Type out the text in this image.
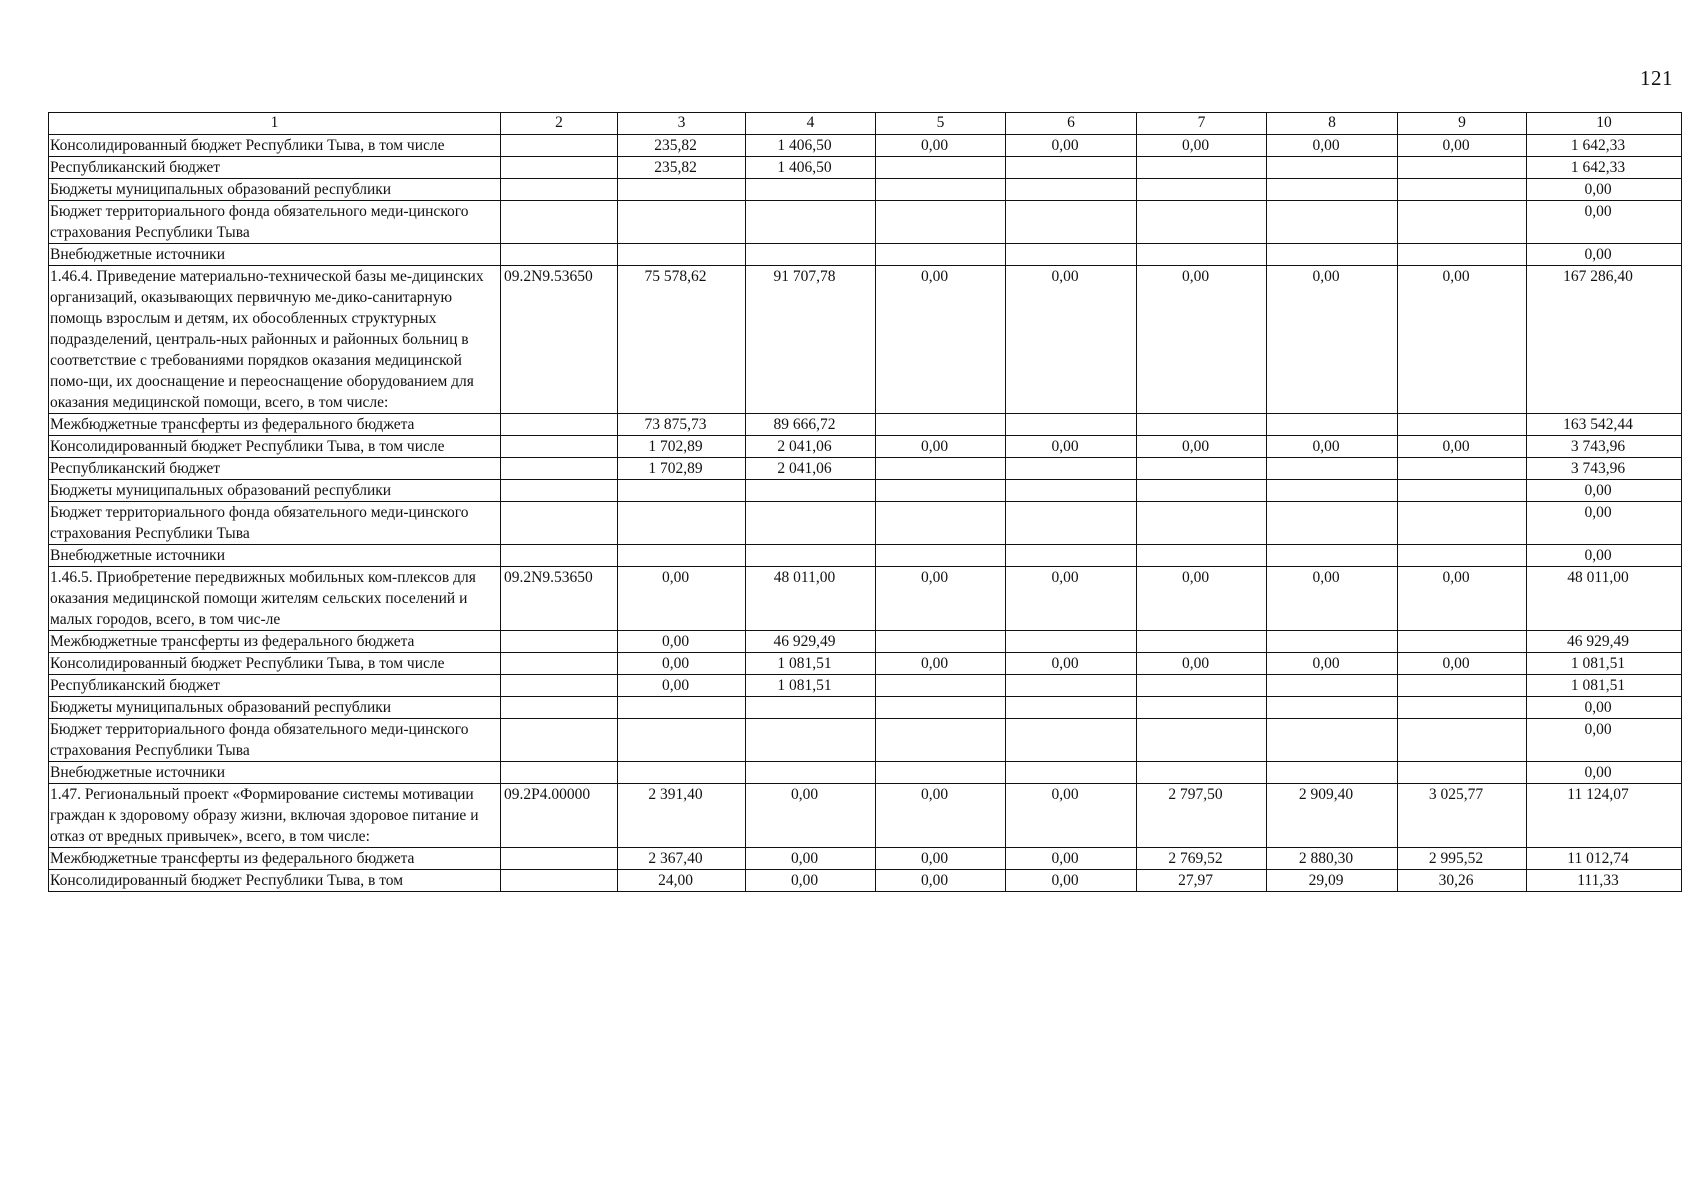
121
1	2	3	4	5	6	7	8	9	10
Консолидированный бюджет Республики Тыва, в том числе		235,82	1 406,50	0,00	0,00	0,00	0,00	0,00	1 642,33

Республиканский бюджет		235,82	1 406,50						1 642,33

Бюджеты муниципальных образований республики									0,00

Бюджет территориального фонда обязательного меди-цинского страхования Республики Тыва									0,00

Внебюджетные источники									0,00

1.46.4. Приведение материально-технической базы ме-дицинских организаций, оказывающих первичную ме-дико-санитарную помощь взрослым и детям, их обособленных структурных подразделений, централь-ных районных и районных больниц в соответствие с требованиями порядков оказания медицинской помо-щи, их дооснащение и переоснащение оборудованием для оказания медицинской помощи, всего, в том числе:	09.2N9.53650	75 578,62	91 707,78	0,00	0,00	0,00	0,00	0,00	167 286,40

Межбюджетные трансферты из федерального бюджета		73 875,73	89 666,72						163 542,44

Консолидированный бюджет Республики Тыва, в том числе		1 702,89	2 041,06	0,00	0,00	0,00	0,00	0,00	3 743,96

Республиканский бюджет		1 702,89	2 041,06						3 743,96

Бюджеты муниципальных образований республики									0,00

Бюджет территориального фонда обязательного меди-цинского страхования Республики Тыва									0,00

Внебюджетные источники									0,00

1.46.5. Приобретение передвижных мобильных ком-плексов для оказания медицинской помощи жителям сельских поселений и малых городов, всего, в том чис-ле	09.2N9.53650	0,00	48 011,00	0,00	0,00	0,00	0,00	0,00	48 011,00

Межбюджетные трансферты из федерального бюджета		0,00	46 929,49						46 929,49

Консолидированный бюджет Республики Тыва, в том числе		0,00	1 081,51	0,00	0,00	0,00	0,00	0,00	1 081,51

Республиканский бюджет		0,00	1 081,51						1 081,51

Бюджеты муниципальных образований республики									0,00

Бюджет территориального фонда обязательного меди-цинского страхования Республики Тыва									0,00

Внебюджетные источники									0,00

1.47. Региональный проект «Формирование системы мотивации граждан к здоровому образу жизни, включая здоровое питание и отказ от вредных привычек», всего, в том числе:	09.2Р4.00000	2 391,40	0,00	0,00	0,00	2 797,50	2 909,40	3 025,77	11 124,07

Межбюджетные трансферты из федерального бюджета		2 367,40	0,00	0,00	0,00	2 769,52	2 880,30	2 995,52	11 012,74

Консолидированный бюджет Республики Тыва, в том		24,00	0,00	0,00	0,00	27,97	29,09	30,26	111,33
